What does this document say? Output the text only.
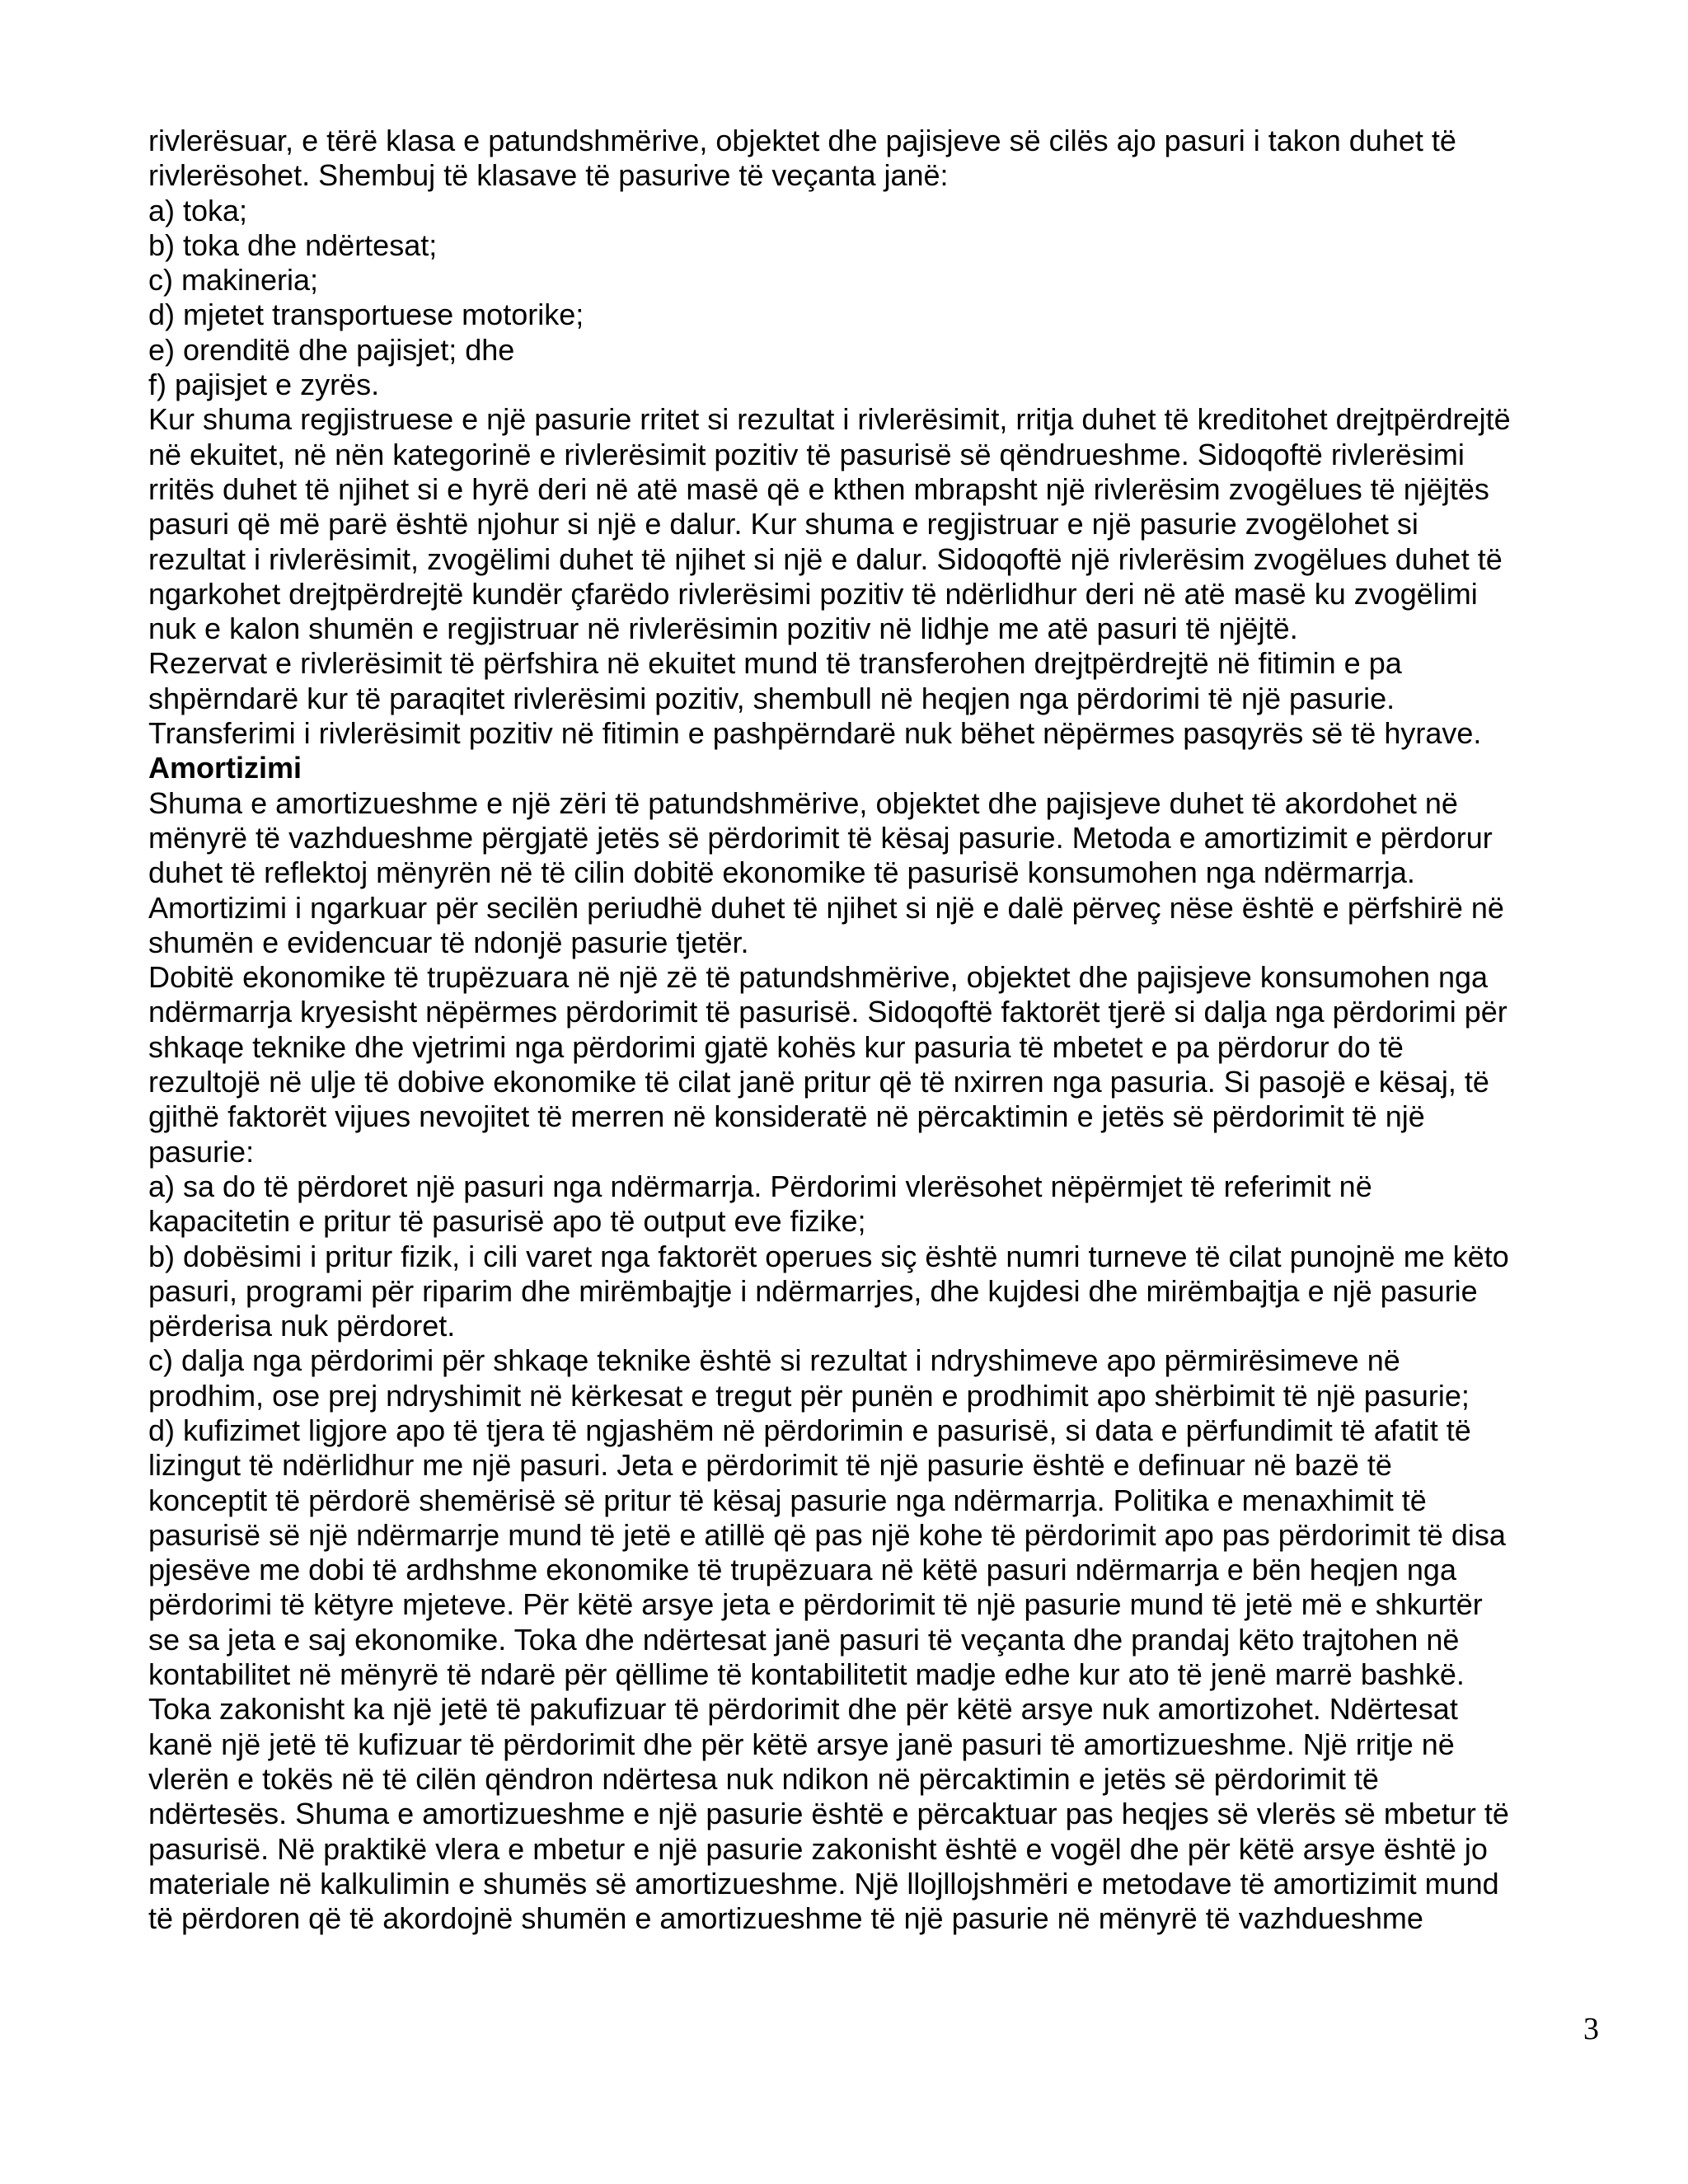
rivlerësuar, e tërë klasa e patundshmërive, objektet dhe pajisjeve së cilës ajo pasuri i takon duhet të
rivlerësohet. Shembuj të klasave të pasurive të veçanta janë:
a) toka;
b) toka dhe ndërtesat;
c) makineria;
d) mjetet transportuese motorike;
e) orenditë dhe pajisjet; dhe
f) pajisjet e zyrës.
Kur shuma regjistruese e një pasurie rritet si rezultat i rivlerësimit, rritja duhet të kreditohet drejtpërdrejtë
në ekuitet, në nën kategorinë e rivlerësimit pozitiv të pasurisë së qëndrueshme. Sidoqoftë rivlerësimi
rritës duhet të njihet si e hyrë deri në atë masë që e kthen mbrapsht një rivlerësim zvogëlues të njëjtës
pasuri që më parë është njohur si një e dalur. Kur shuma e regjistruar e një pasurie zvogëlohet si
rezultat i rivlerësimit, zvogëlimi duhet të njihet si një e dalur. Sidoqoftë një rivlerësim zvogëlues duhet të
ngarkohet drejtpërdrejtë kundër çfarëdo rivlerësimi pozitiv të ndërlidhur deri në atë masë ku zvogëlimi
nuk e kalon shumën e regjistruar në rivlerësimin pozitiv në lidhje me atë pasuri të njëjtë.
Rezervat e rivlerësimit të përfshira në ekuitet mund të transferohen drejtpërdrejtë në fitimin e pa
shpërndarë kur të paraqitet rivlerësimi pozitiv, shembull në heqjen nga përdorimi të një pasurie.
Transferimi i rivlerësimit pozitiv në fitimin e pashpërndarë nuk bëhet nëpërmes pasqyrës së të hyrave.
Amortizimi
Shuma e amortizueshme e një zëri të patundshmërive, objektet dhe pajisjeve duhet të akordohet në
mënyrë të vazhdueshme përgjatë jetës së përdorimit të kësaj pasurie. Metoda e amortizimit e përdorur
duhet të reflektoj mënyrën në të cilin dobitë ekonomike të pasurisë konsumohen nga ndërmarrja.
Amortizimi i ngarkuar për secilën periudhë duhet të njihet si një e dalë përveç nëse është e përfshirë në
shumën e evidencuar të ndonjë pasurie tjetër.
Dobitë ekonomike të trupëzuara në një zë të patundshmërive, objektet dhe pajisjeve konsumohen nga
ndërmarrja kryesisht nëpërmes përdorimit të pasurisë. Sidoqoftë faktorët tjerë si dalja nga përdorimi për
shkaqe teknike dhe vjetrimi nga përdorimi gjatë kohës kur pasuria të mbetet e pa përdorur do të
rezultojë në ulje të dobive ekonomike të cilat janë pritur që të nxirren nga pasuria. Si pasojë e kësaj, të
gjithë faktorët vijues nevojitet të merren në konsideratë në përcaktimin e jetës së përdorimit të një
pasurie:
a) sa do të përdoret një pasuri nga ndërmarrja. Përdorimi vlerësohet nëpërmjet të referimit në
kapacitetin e pritur të pasurisë apo të output eve fizike;
b) dobësimi i pritur fizik, i cili varet nga faktorët operues siç është numri turneve të cilat punojnë me këto
pasuri, programi për riparim dhe mirëmbajtje i ndërmarrjes, dhe kujdesi dhe mirëmbajtja e një pasurie
përderisa nuk përdoret.
c) dalja nga përdorimi për shkaqe teknike është si rezultat i ndryshimeve apo përmirësimeve në
prodhim, ose prej ndryshimit në kërkesat e tregut për punën e prodhimit apo shërbimit të një pasurie;
d) kufizimet ligjore apo të tjera të ngjashëm në përdorimin e pasurisë, si data e përfundimit të afatit të
lizingut të ndërlidhur me një pasuri. Jeta e përdorimit të një pasurie është e definuar në bazë të
konceptit të përdorë shemërisë së pritur të kësaj pasurie nga ndërmarrja. Politika e menaxhimit të
pasurisë së një ndërmarrje mund të jetë e atillë që pas një kohe të përdorimit apo pas përdorimit të disa
pjesëve me dobi të ardhshme ekonomike të trupëzuara në këtë pasuri ndërmarrja e bën heqjen nga
përdorimi të këtyre mjeteve. Për këtë arsye jeta e përdorimit të një pasurie mund të jetë më e shkurtër
se sa jeta e saj ekonomike. Toka dhe ndërtesat janë pasuri të veçanta dhe prandaj këto trajtohen në
kontabilitet në mënyrë të ndarë për qëllime të kontabilitetit madje edhe kur ato të jenë marrë bashkë.
Toka zakonisht ka një jetë të pakufizuar të përdorimit dhe për këtë arsye nuk amortizohet. Ndërtesat
kanë një jetë të kufizuar të përdorimit dhe për këtë arsye janë pasuri të amortizueshme. Një rritje në
vlerën e tokës në të cilën qëndron ndërtesa nuk ndikon në përcaktimin e jetës së përdorimit të
ndërtesës. Shuma e amortizueshme e një pasurie është e përcaktuar pas heqjes së vlerës së mbetur të
pasurisë. Në praktikë vlera e mbetur e një pasurie zakonisht është e vogël dhe për këtë arsye është jo
materiale në kalkulimin e shumës së amortizueshme. Një llojllojshmëri e metodave të amortizimit mund
të përdoren që të akordojnë shumën e amortizueshme të një pasurie në mënyrë të vazhdueshme
3
